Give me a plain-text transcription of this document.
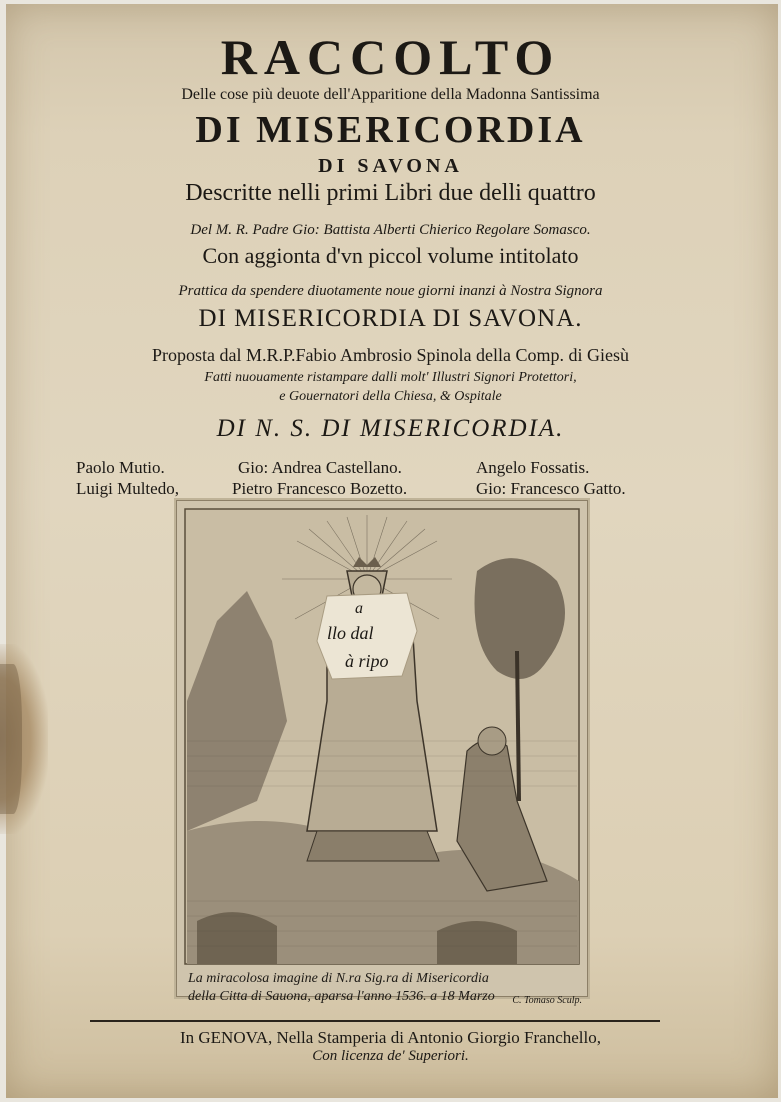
RACCOLTO
Delle cose più deuote dell'Apparitione della Madonna Santissima
DI MISERICORDIA
DI SAVONA
Descritte nelli primi Libri due delli quattro
Del M. R. Padre Gio: Battista Alberti Chierico Regolare Somasco.
Con aggionta d'vn piccol volume intitolato
Prattica da spendere diuotamente noue giorni inanzi à Nostra Signora
DI MISERICORDIA DI SAVONA.
Proposta dal M.R.P.Fabio Ambrosio Spinola della Comp. di Giesù
Fatti nuouamente ristampare dalli molt' Illustri Signori Protettori,
e Gouernatori della Chiesa, & Ospitale
DI N. S. DI MISERICORDIA.
Paolo Mutio.	Gio: Andrea Castellano.	Angelo Fossatis.
Luigi Multedo,	Pietro Francesco Bozetto.	Gio: Francesco Gatto.
a
llo dal
à ripo
La miracolosa imagine di N.ra Sig.ra di Misericordia
della Citta di Sauona, aparsa l'anno 1536. a 18 Marzo	C. Tomaso Sculp.
In GENOVA, Nella Stamperia di Antonio Giorgio Franchello,
Con licenza de' Superiori.
